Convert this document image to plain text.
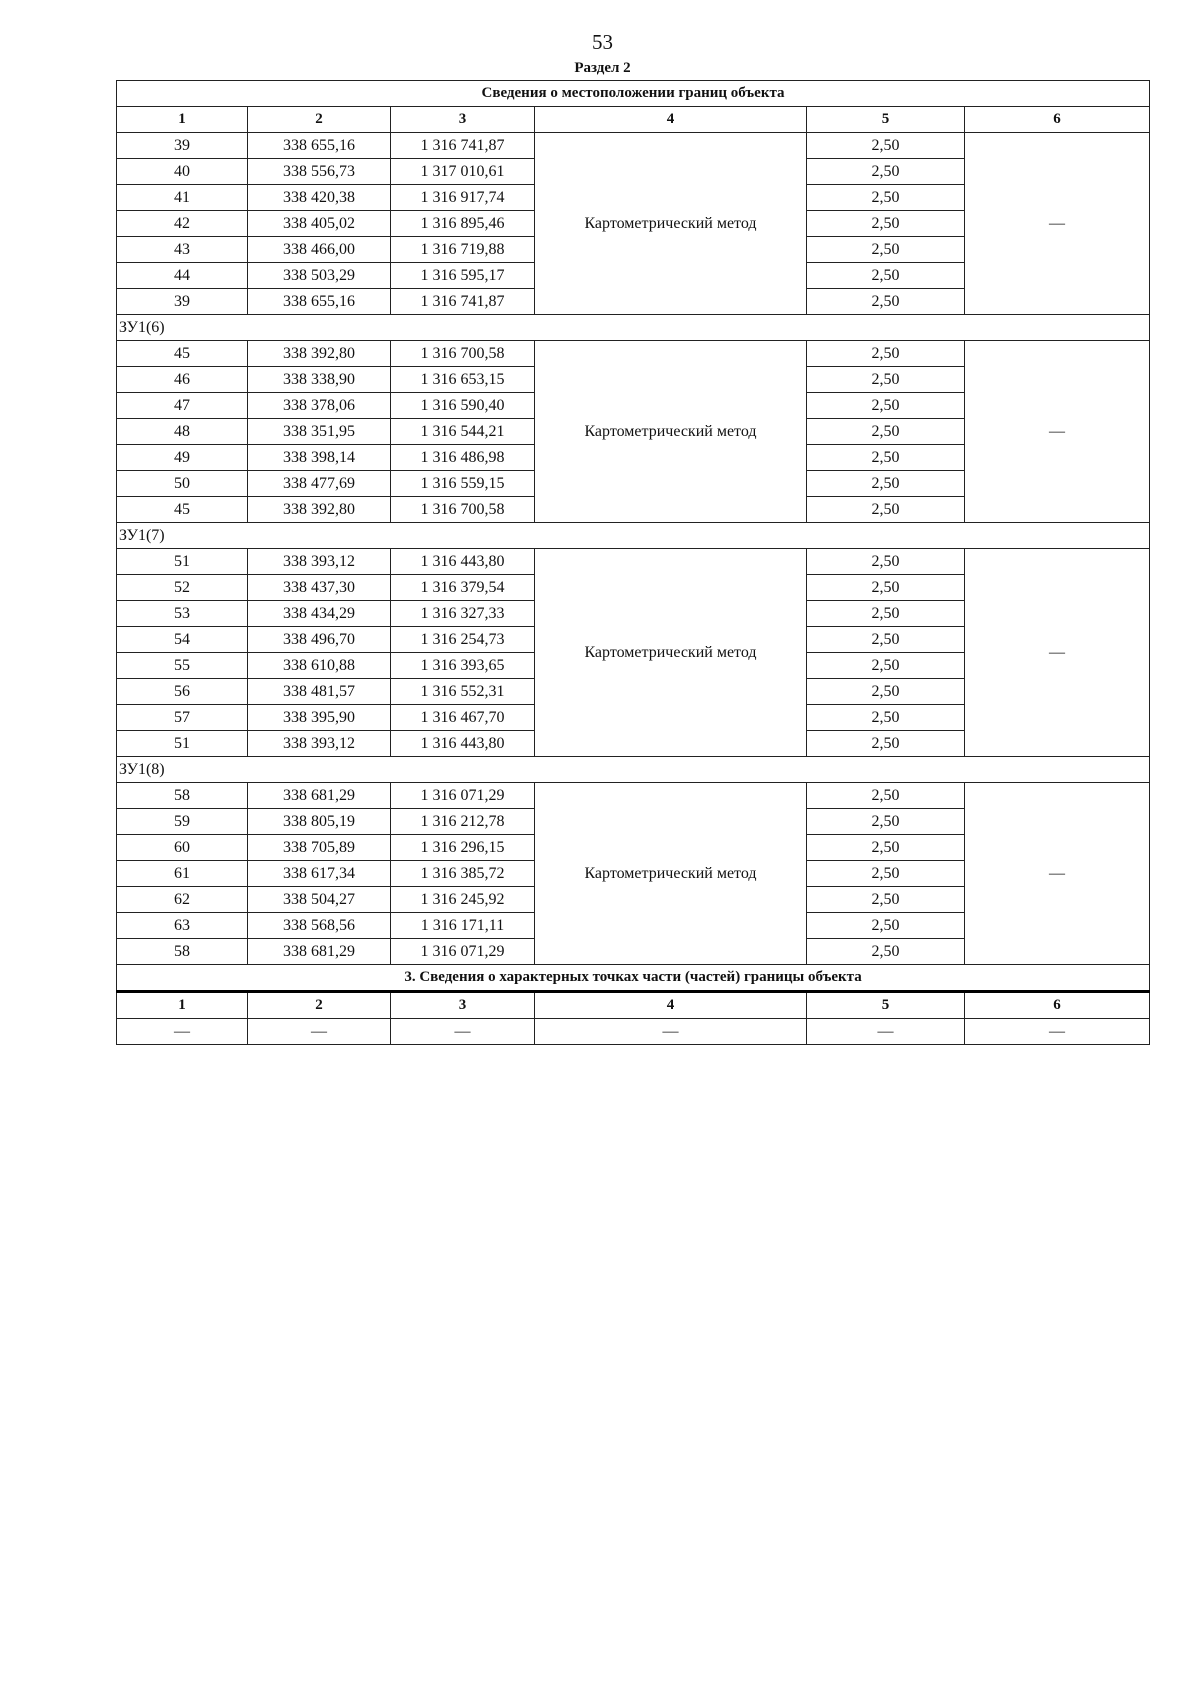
53
Раздел 2
Сведения о местоположении границ объекта					
1	2	3	4	5	6
39	338 655,16	1 316 741,87	Картометрический метод	2,50	—
40	338 556,73	1 317 010,61		2,50	
41	338 420,38	1 316 917,74		2,50	
42	338 405,02	1 316 895,46		2,50	
43	338 466,00	1 316 719,88		2,50	
44	338 503,29	1 316 595,17		2,50	
39	338 655,16	1 316 741,87		2,50	
ЗУ1(6)					
45	338 392,80	1 316 700,58	Картометрический метод	2,50	—
46	338 338,90	1 316 653,15		2,50	
47	338 378,06	1 316 590,40		2,50	
48	338 351,95	1 316 544,21		2,50	
49	338 398,14	1 316 486,98		2,50	
50	338 477,69	1 316 559,15		2,50	
45	338 392,80	1 316 700,58		2,50	
ЗУ1(7)					
51	338 393,12	1 316 443,80	Картометрический метод	2,50	—
52	338 437,30	1 316 379,54		2,50	
53	338 434,29	1 316 327,33		2,50	
54	338 496,70	1 316 254,73		2,50	
55	338 610,88	1 316 393,65		2,50	
56	338 481,57	1 316 552,31		2,50	
57	338 395,90	1 316 467,70		2,50	
51	338 393,12	1 316 443,80		2,50	
ЗУ1(8)					
58	338 681,29	1 316 071,29	Картометрический метод	2,50	—
59	338 805,19	1 316 212,78		2,50	
60	338 705,89	1 316 296,15		2,50	
61	338 617,34	1 316 385,72		2,50	
62	338 504,27	1 316 245,92		2,50	
63	338 568,56	1 316 171,11		2,50	
58	338 681,29	1 316 071,29		2,50	
3. Сведения о характерных точках части (частей) границы объекта					
1	2	3	4	5	6
—	—	—	—	—	—
